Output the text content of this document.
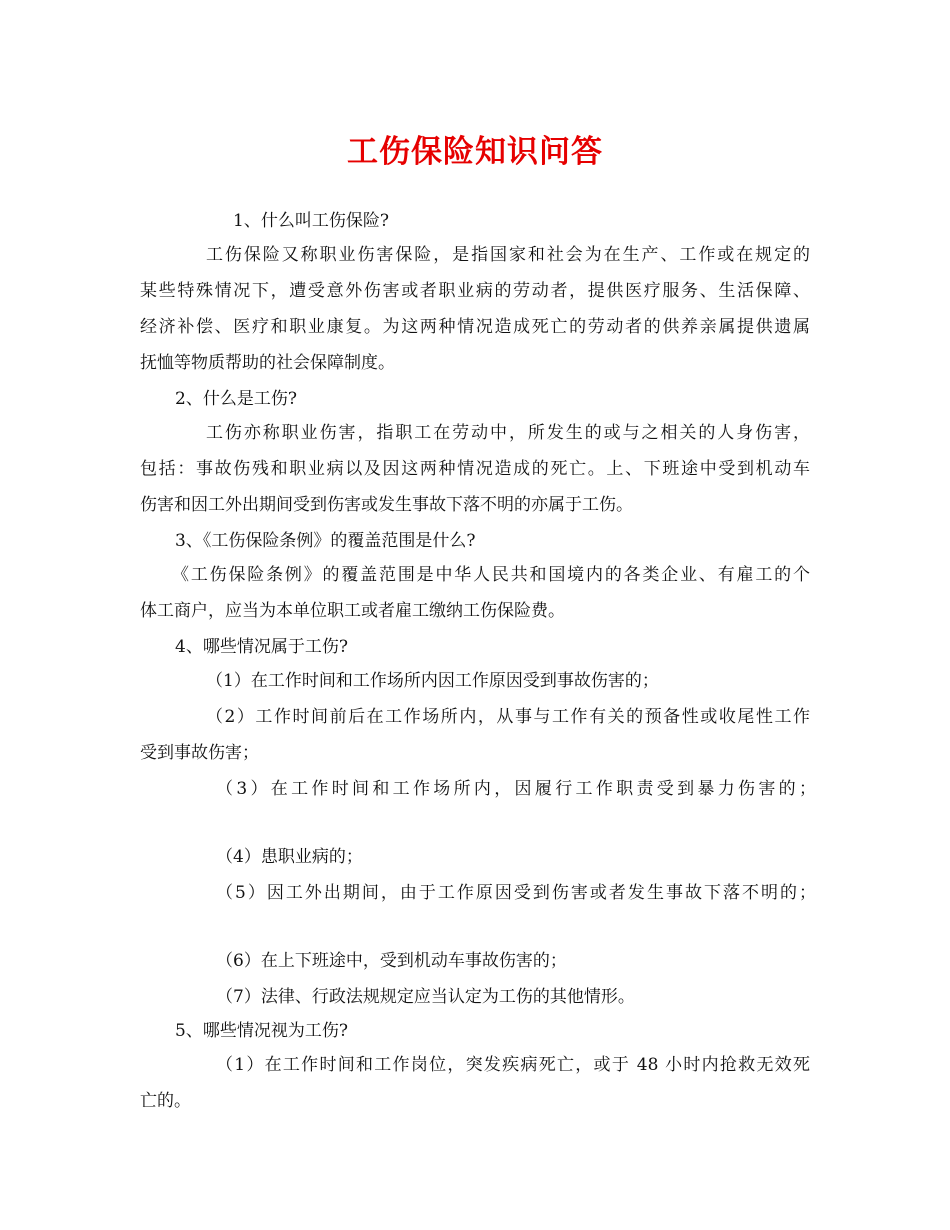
工伤保险知识问答
1、什么叫工伤保险?
工伤保险又称职业伤害保险，是指国家和社会为在生产、工作或在规定的
某些特殊情况下，遭受意外伤害或者职业病的劳动者，提供医疗服务、生活保障、
经济补偿、医疗和职业康复。为这两种情况造成死亡的劳动者的供养亲属提供遗属
抚恤等物质帮助的社会保障制度。
2、什么是工伤?
工伤亦称职业伤害，指职工在劳动中，所发生的或与之相关的人身伤害，
包括：事故伤残和职业病以及因这两种情况造成的死亡。上、下班途中受到机动车
伤害和因工外出期间受到伤害或发生事故下落不明的亦属于工伤。
3、《工伤保险条例》的覆盖范围是什么?
《工伤保险条例》的覆盖范围是中华人民共和国境内的各类企业、有雇工的个
体工商户，应当为本单位职工或者雇工缴纳工伤保险费。
4、哪些情况属于工伤?
（1）在工作时间和工作场所内因工作原因受到事故伤害的；
（2）工作时间前后在工作场所内，从事与工作有关的预备性或收尾性工作
受到事故伤害；
（3）在工作时间和工作场所内，因履行工作职责受到暴力伤害的；
（4）患职业病的；
（5）因工外出期间，由于工作原因受到伤害或者发生事故下落不明的；
（6）在上下班途中，受到机动车事故伤害的；
（7）法律、行政法规规定应当认定为工伤的其他情形。
5、哪些情况视为工伤?
（1）在工作时间和工作岗位，突发疾病死亡，或于 48 小时内抢救无效死
亡的。
